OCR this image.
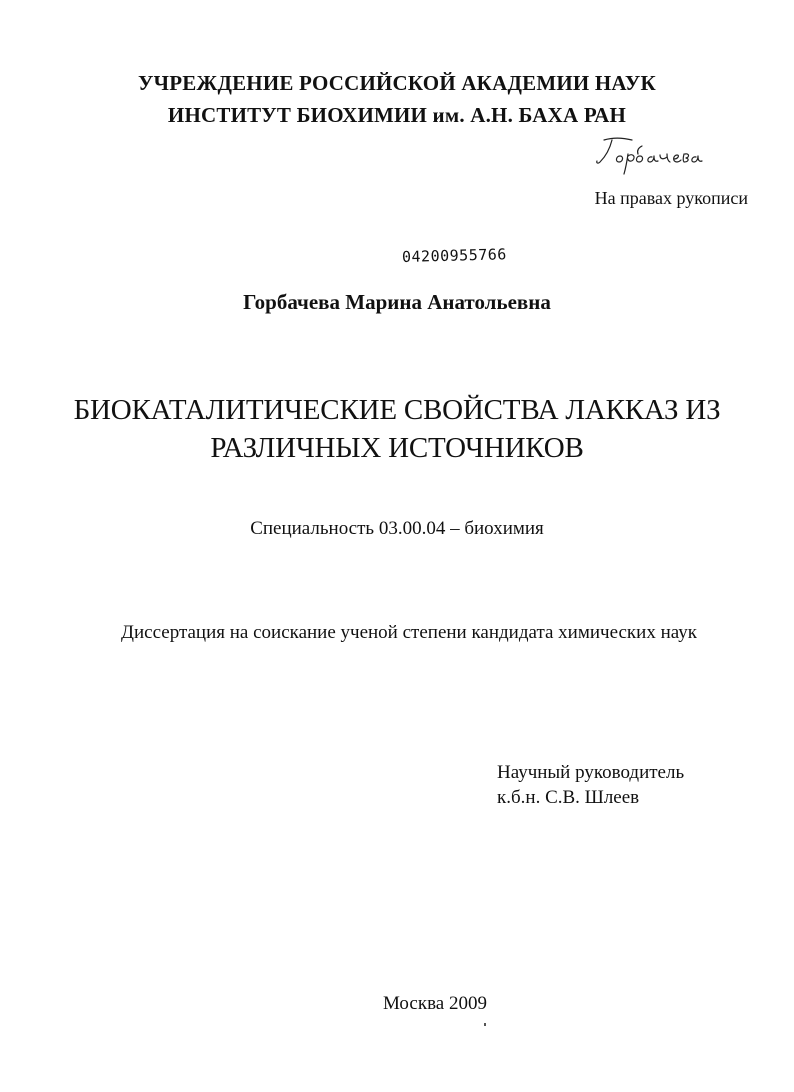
УЧРЕЖДЕНИЕ РОССИЙСКОЙ АКАДЕМИИ НАУК
ИНСТИТУТ БИОХИМИИ им. А.Н. БАХА РАН
На правах рукописи
04200955766
Горбачева Марина Анатольевна
БИОКАТАЛИТИЧЕСКИЕ СВОЙСТВА ЛАККАЗ ИЗ
РАЗЛИЧНЫХ ИСТОЧНИКОВ
Специальность 03.00.04 – биохимия
Диссертация на соискание ученой степени кандидата химических наук
Научный руководитель
к.б.н. С.В. Шлеев
Москва 2009
